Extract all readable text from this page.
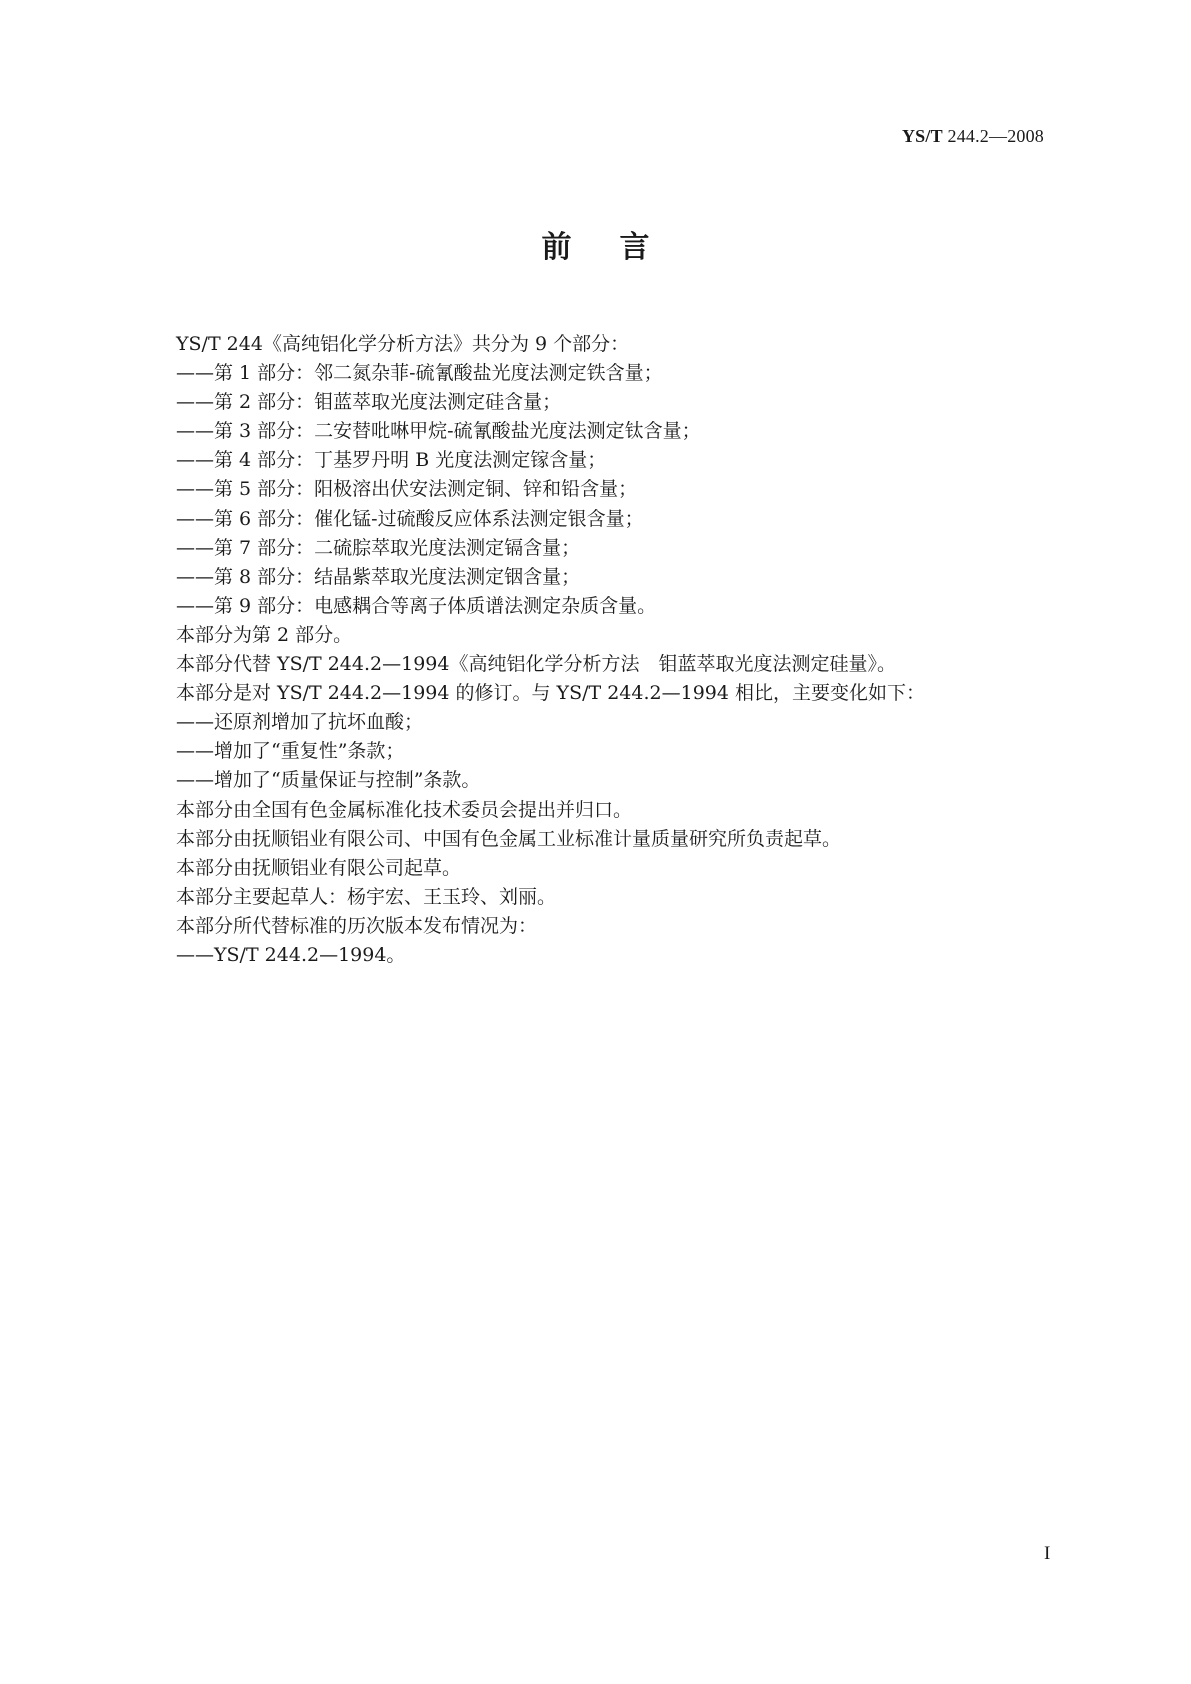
YS/T 244.2—2008
前言
YS/T 244《高纯铝化学分析方法》共分为 9 个部分：
——第 1 部分：邻二氮杂菲-硫氰酸盐光度法测定铁含量；
——第 2 部分：钼蓝萃取光度法测定硅含量；
——第 3 部分：二安替吡啉甲烷-硫氰酸盐光度法测定钛含量；
——第 4 部分：丁基罗丹明 B 光度法测定镓含量；
——第 5 部分：阳极溶出伏安法测定铜、锌和铅含量；
——第 6 部分：催化锰-过硫酸反应体系法测定银含量；
——第 7 部分：二硫腙萃取光度法测定镉含量；
——第 8 部分：结晶紫萃取光度法测定铟含量；
——第 9 部分：电感耦合等离子体质谱法测定杂质含量。
本部分为第 2 部分。
本部分代替 YS/T 244.2—1994《高纯铝化学分析方法　钼蓝萃取光度法测定硅量》。
本部分是对 YS/T 244.2—1994 的修订。与 YS/T 244.2—1994 相比，主要变化如下：
——还原剂增加了抗坏血酸；
——增加了“重复性”条款；
——增加了“质量保证与控制”条款。
本部分由全国有色金属标准化技术委员会提出并归口。
本部分由抚顺铝业有限公司、中国有色金属工业标准计量质量研究所负责起草。
本部分由抚顺铝业有限公司起草。
本部分主要起草人：杨宇宏、王玉玲、刘丽。
本部分所代替标准的历次版本发布情况为：
——YS/T 244.2—1994。
I
